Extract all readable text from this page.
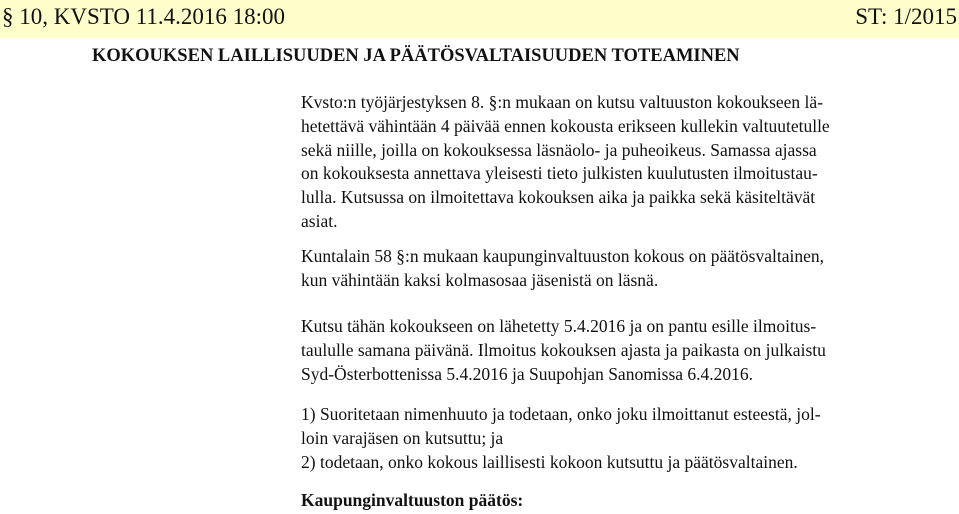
§ 10, KVSTO 11.4.2016 18:00	ST: 1/2015
KOKOUKSEN LAILLISUUDEN JA PÄÄTÖSVALTAISUUDEN TOTEAMINEN
Kvsto:n työjärjestyksen 8. §:n mukaan on kutsu valtuuston kokoukseen lä-
hetettävä vähintään 4 päivää ennen kokousta erikseen kullekin valtuutetulle
sekä niille, joilla on kokouksessa läsnäolo- ja puheoikeus. Samassa ajassa
on kokouksesta annettava yleisesti tieto julkisten kuulutusten ilmoitustau-
lulla. Kutsussa on ilmoitettava kokouksen aika ja paikka sekä käsiteltävät
asiat.
Kuntalain 58 §:n mukaan kaupunginvaltuuston kokous on päätösvaltainen,
kun vähintään kaksi kolmasosaa jäsenistä on läsnä.
Kutsu tähän kokoukseen on lähetetty 5.4.2016 ja on pantu esille ilmoitus-
taululle samana päivänä. Ilmoitus kokouksen ajasta ja paikasta on julkaistu
Syd-Österbottenissa 5.4.2016 ja Suupohjan Sanomissa 6.4.2016.
1) Suoritetaan nimenhuuto ja todetaan, onko joku ilmoittanut esteestä, jol-
loin varajäsen on kutsuttu; ja
2) todetaan, onko kokous laillisesti kokoon kutsuttu ja päätösvaltainen.
Kaupunginvaltuuston päätös:
